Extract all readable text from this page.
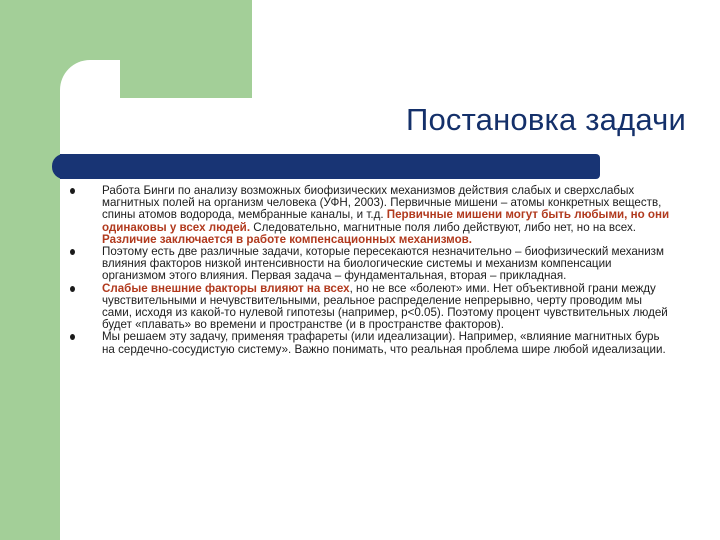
Постановка задачи
Работа Бинги по анализу возможных биофизических механизмов действия слабых и сверхслабых магнитных полей на организм человека (УФН, 2003). Первичные мишени – атомы конкретных веществ, спины атомов водорода, мембранные каналы, и т.д. Первичные мишени могут быть любыми, но они одинаковы у всех людей. Следовательно, магнитные поля либо действуют, либо нет, но на всех. Различие заключается в работе компенсационных механизмов.
Поэтому есть две различные задачи, которые пересекаются незначительно – биофизический механизм влияния факторов низкой интенсивности на биологические системы и механизм компенсации организмом этого влияния. Первая задача – фундаментальная, вторая – прикладная.
Слабые внешние факторы влияют на всех, но не все «болеют» ими. Нет объективной грани между чувствительными и нечувствительными, реальное распределение непрерывно, черту проводим мы сами, исходя из какой-то нулевой гипотезы (например, p<0.05). Поэтому процент чувствительных людей будет «плавать» во времени и пространстве (и в пространстве факторов).
Мы решаем эту задачу, применяя трафареты (или идеализации). Например, «влияние магнитных бурь на сердечно-сосудистую систему». Важно понимать, что реальная проблема шире любой идеализации.
